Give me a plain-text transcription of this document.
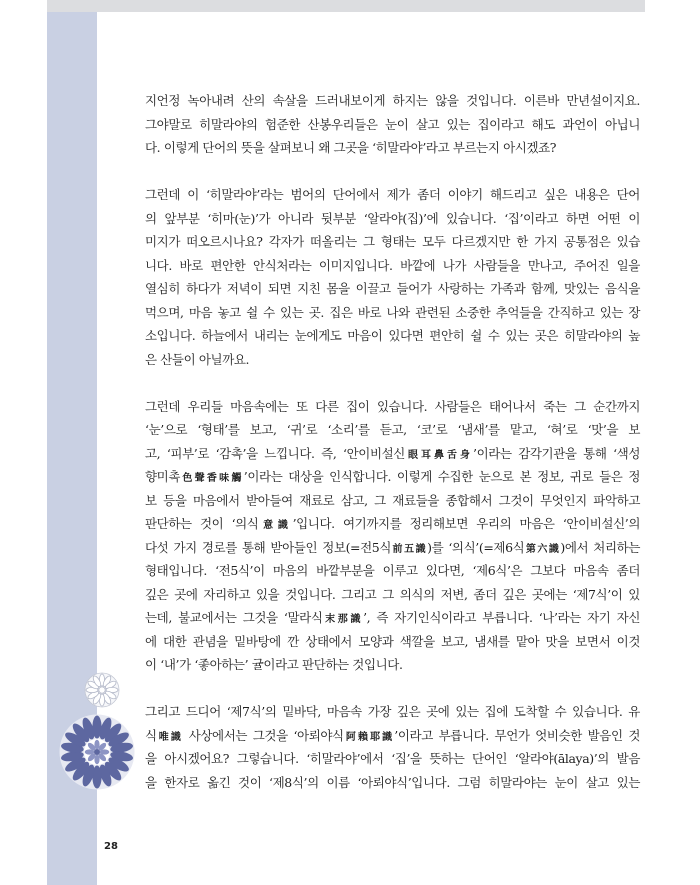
지언정 녹아내려 산의 속살을 드러내보이게 하지는 않을 것입니다. 이른바 만년설이지요.
그야말로 히말라야의 험준한 산봉우리들은 눈이 살고 있는 집이라고 해도 과언이 아닙니
다. 이렇게 단어의 뜻을 살펴보니 왜 그곳을 ‘히말라야’라고 부르는지 아시겠죠?
그런데 이 ‘히말라야’라는 범어의 단어에서 제가 좀더 이야기 해드리고 싶은 내용은 단어
의 앞부분 ‘히마(눈)’가 아니라 뒷부분 ‘알라야(집)’에 있습니다. ‘집’이라고 하면 어떤 이
미지가 떠오르시나요? 각자가 떠올리는 그 형태는 모두 다르겠지만 한 가지 공통점은 있습
니다. 바로 편안한 안식처라는 이미지입니다. 바깥에 나가 사람들을 만나고, 주어진 일을
열심히 하다가 저녁이 되면 지친 몸을 이끌고 들어가 사랑하는 가족과 함께, 맛있는 음식을
먹으며, 마음 놓고 쉴 수 있는 곳. 집은 바로 나와 관련된 소중한 추억들을 간직하고 있는 장
소입니다. 하늘에서 내리는 눈에게도 마음이 있다면 편안히 쉴 수 있는 곳은 히말라야의 높
은 산들이 아닐까요.
그런데 우리들 마음속에는 또 다른 집이 있습니다. 사람들은 태어나서 죽는 그 순간까지
‘눈’으로 ‘형태’를 보고, ‘귀’로 ‘소리’를 듣고, ‘코’로 ‘냄새’를 맡고, ‘혀’로 ‘맛’을 보
고, ‘피부’로 ‘감촉’을 느낍니다. 즉, ‘안이비설신眼耳鼻舌身’이라는 감각기관을 통해 ‘색성
향미촉色聲香味觸’이라는 대상을 인식합니다. 이렇게 수집한 눈으로 본 정보, 귀로 들은 정
보 등을 마음에서 받아들여 재료로 삼고, 그 재료들을 종합해서 그것이 무엇인지 파악하고
판단하는 것이 ‘의식意識’입니다. 여기까지를 정리해보면 우리의 마음은 ‘안이비설신’의
다섯 가지 경로를 통해 받아들인 정보(=전5식前五識)를 ‘의식’(=제6식第六識)에서 처리하는
형태입니다. ‘전5식’이 마음의 바깥부분을 이루고 있다면, ‘제6식’은 그보다 마음속 좀더
깊은 곳에 자리하고 있을 것입니다. 그리고 그 의식의 저변, 좀더 깊은 곳에는 ‘제7식’이 있
는데, 불교에서는 그것을 ‘말라식末那識’, 즉 자기인식이라고 부릅니다. ‘나’라는 자기 자신
에 대한 관념을 밑바탕에 깐 상태에서 모양과 색깔을 보고, 냄새를 맡아 맛을 보면서 이것
이 ‘내’가 ‘좋아하는’ 귤이라고 판단하는 것입니다.
그리고 드디어 ‘제7식’의 밑바닥, 마음속 가장 깊은 곳에 있는 집에 도착할 수 있습니다. 유
식唯識 사상에서는 그것을 ‘아뢰야식阿賴耶識’이라고 부릅니다. 무언가 엇비슷한 발음인 것
을 아시겠어요? 그렇습니다. ‘히말라야’에서 ‘집’을 뜻하는 단어인 ‘알라야(ālaya)’의 발음
을 한자로 옮긴 것이 ‘제8식’의 이름 ‘아뢰야식’입니다. 그럼 히말라야는 눈이 살고 있는
28
